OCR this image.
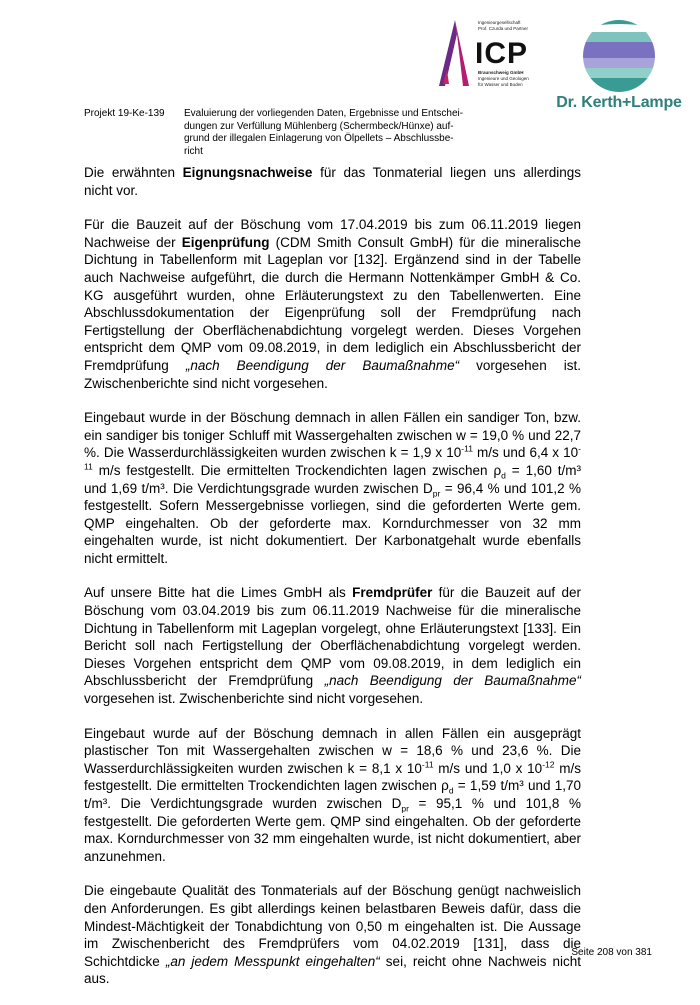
Ingenieurgesellschaft
Prof. Czurda und Partner
ICP
Braunschweig GmbH
Ingenieure und Geologen
für Wasser und Boden
Dr. Kerth+Lampe
Projekt 19-Ke-139 Evaluierung der vorliegenden Daten, Ergebnisse und Entschei-
dungen zur Verfüllung Mühlenberg (Schermbeck/Hünxe) auf-
grund der illegalen Einlagerung von Ölpellets – Abschlussbe-
richt

Die erwähnten Eignungsnachweise für das Tonmaterial liegen uns allerdings nicht vor.

Für die Bauzeit auf der Böschung vom 17.04.2019 bis zum 06.11.2019 liegen Nachweise der Eigenprüfung (CDM Smith Consult GmbH) für die mineralische Dichtung in Tabellenform mit Lageplan vor [132]. Ergänzend sind in der Tabelle auch Nachweise aufgeführt, die durch die Hermann Nottenkämper GmbH & Co. KG ausgeführt wurden, ohne Erläuterungstext zu den Tabellenwerten. Eine Abschlussdokumentation der Eigenprüfung soll der Fremdprüfung nach Fertigstellung der Oberflächenabdichtung vorgelegt werden. Dieses Vorgehen entspricht dem QMP vom 09.08.2019, in dem lediglich ein Abschlussbericht der Fremdprüfung „nach Beendigung der Baumaßnahme“ vorgesehen ist. Zwischenberichte sind nicht vorgesehen.

Eingebaut wurde in der Böschung demnach in allen Fällen ein sandiger Ton, bzw. ein sandiger bis toniger Schluff mit Wassergehalten zwischen w = 19,0 % und 22,7 %. Die Wasserdurchlässigkeiten wurden zwischen k = 1,9 x $10^{-11}$ m/s und 6,4 x $10^{-11}$ m/s festgestellt. Die ermittelten Trockendichten lagen zwischen $\rho_d = 1,60$ t/m³ und 1,69 t/m³. Die Verdichtungsgrade wurden zwischen $D_{pr} = 96,4$ % und 101,2 % festgestellt. Sofern Messergebnisse vorliegen, sind die geforderten Werte gem. QMP eingehalten. Ob der geforderte max. Korndurchmesser von 32 mm eingehalten wurde, ist nicht dokumentiert. Der Karbonatgehalt wurde ebenfalls nicht ermittelt.

Auf unsere Bitte hat die Limes GmbH als Fremdprüfer für die Bauzeit auf der Böschung vom 03.04.2019 bis zum 06.11.2019 Nachweise für die mineralische Dichtung in Tabellenform mit Lageplan vorgelegt, ohne Erläuterungstext [133]. Ein Bericht soll nach Fertigstellung der Oberflächenabdichtung vorgelegt werden. Dieses Vorgehen entspricht dem QMP vom 09.08.2019, in dem lediglich ein Abschlussbericht der Fremdprüfung „nach Beendigung der Baumaßnahme“ vorgesehen ist. Zwischenberichte sind nicht vorgesehen.

Eingebaut wurde auf der Böschung demnach in allen Fällen ein ausgeprägt plastischer Ton mit Wassergehalten zwischen w = 18,6 % und 23,6 %. Die Wasserdurchlässigkeiten wurden zwischen k = 8,1 x $10^{-11}$ m/s und 1,0 x $10^{-12}$ m/s festgestellt. Die ermittelten Trockendichten lagen zwischen $\rho_d = 1,59$ t/m³ und 1,70 t/m³. Die Verdichtungsgrade wurden zwischen $D_{pr} = 95,1$ % und 101,8 % festgestellt. Die geforderten Werte gem. QMP sind eingehalten. Ob der geforderte max. Korndurchmesser von 32 mm eingehalten wurde, ist nicht dokumentiert, aber anzunehmen.

Die eingebaute Qualität des Tonmaterials auf der Böschung genügt nachweislich den Anforderungen. Es gibt allerdings keinen belastbaren Beweis dafür, dass die Mindest-Mächtigkeit der Tonabdichtung von 0,50 m eingehalten ist. Die Aussage im Zwischenbericht des Fremdprüfers vom 04.02.2019 [131], dass die Schichtdicke „an jedem Messpunkt eingehalten“ sei, reicht ohne Nachweis nicht aus.

Seite 208 von 381
